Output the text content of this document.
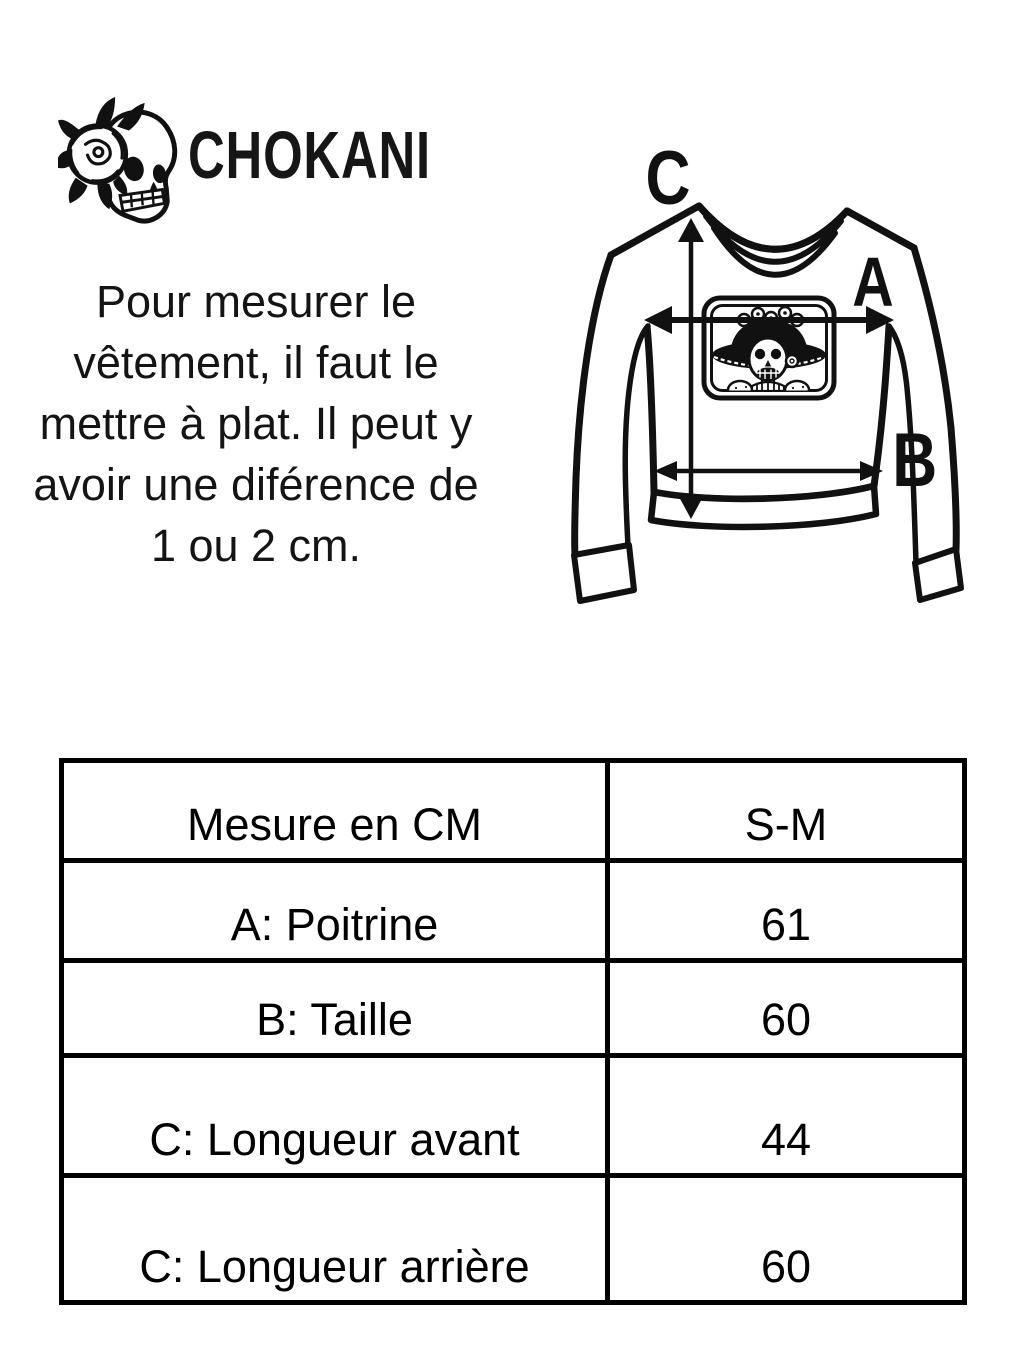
CHOKANI
Pour mesurer le
vêtement, il faut le
mettre à plat. Il peut y
avoir une diférence de
1 ou 2 cm.
C
A
B
Mesure en CM	S-M
A: Poitrine	61
B: Taille	60
C: Longueur avant	44
C: Longueur arrière	60
